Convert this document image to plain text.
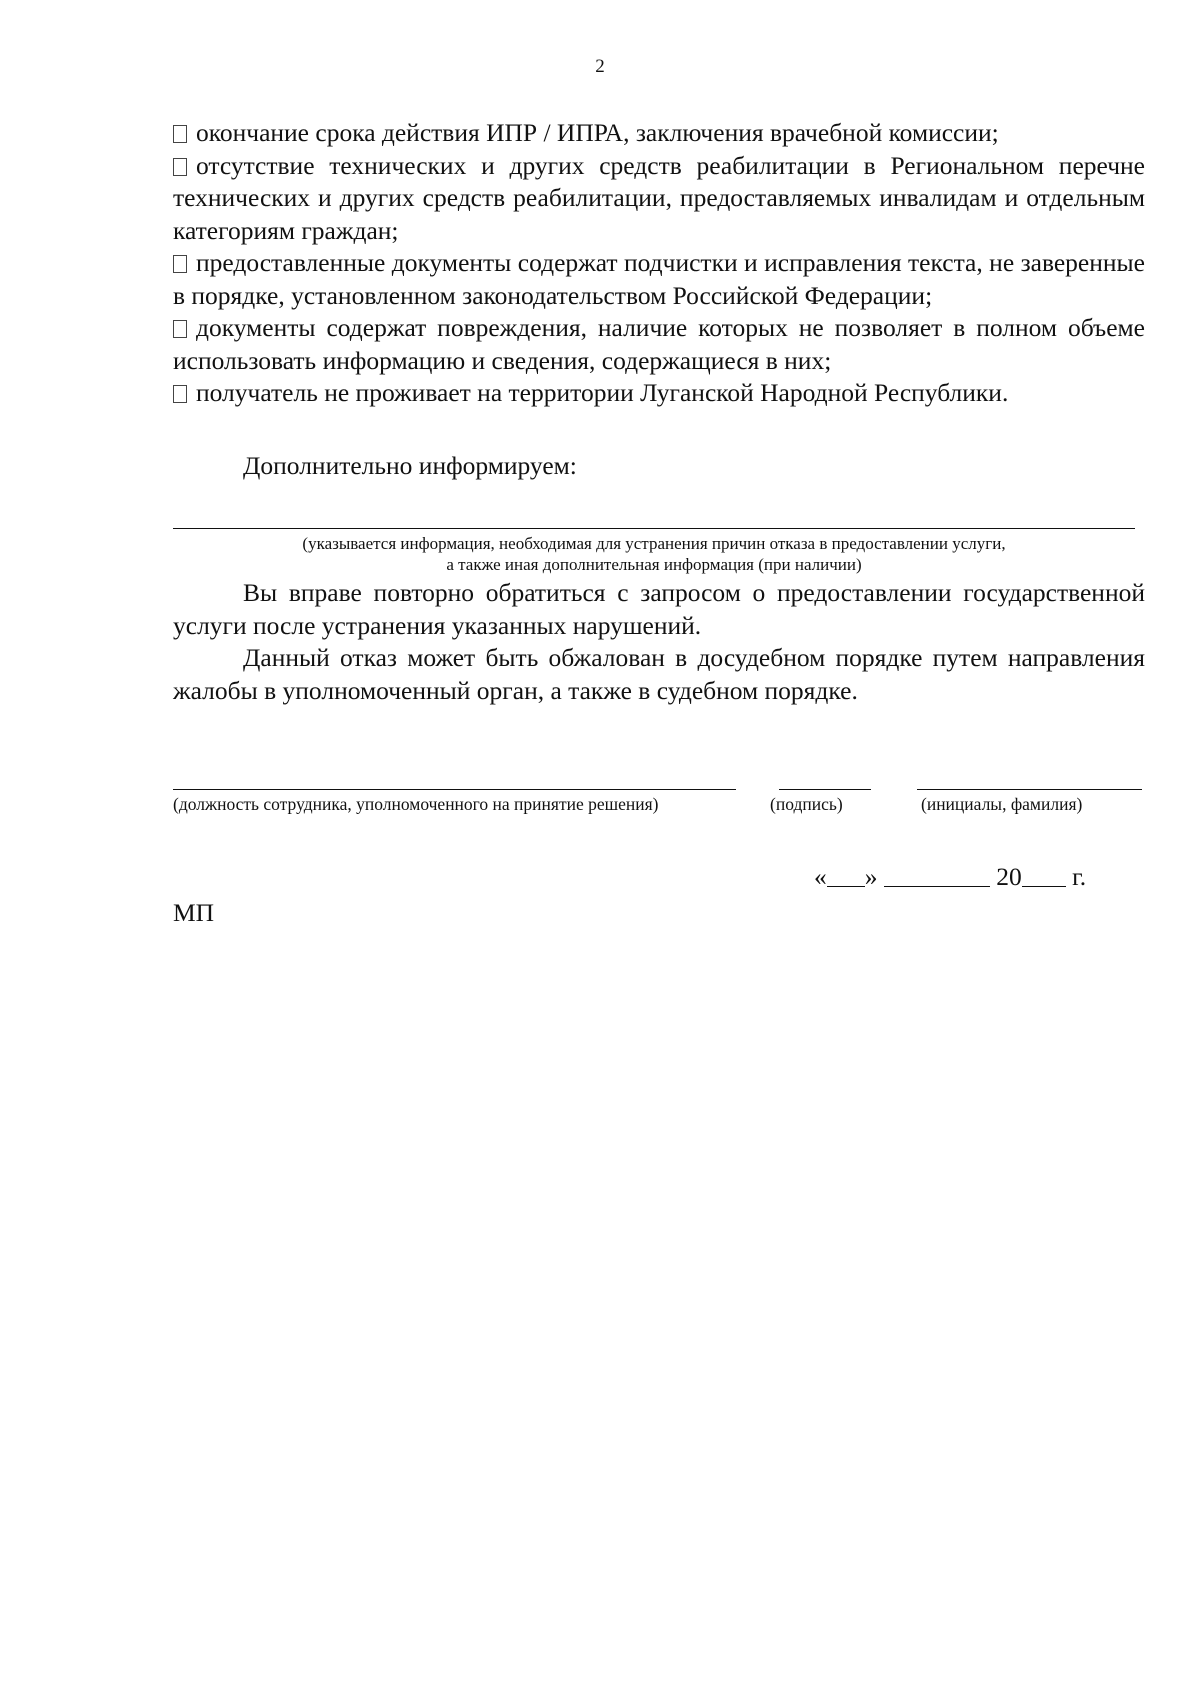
2

окончание срока действия ИПР / ИПРА, заключения врачебной комиссии;

отсутствие технических и других средств реабилитации в Региональном перечне технических и других средств реабилитации, предоставляемых инвалидам и отдельным категориям граждан;

предоставленные документы содержат подчистки и исправления текста, не заверенные в порядке, установленном законодательством Российской Федерации;

документы содержат повреждения, наличие которых не позволяет в полном объеме использовать информацию и сведения, содержащиеся в них;

получатель не проживает на территории Луганской Народной Республики.

Дополнительно информируем:
(указывается информация, необходимая для устранения причин отказа в предоставлении услуги,
а также иная дополнительная информация (при наличии)

Вы вправе повторно обратиться с запросом о предоставлении государственной услуги после устранения указанных нарушений.

Данный отказ может быть обжалован в досудебном порядке путем направления жалобы в уполномоченный орган, а также в судебном порядке.

(должность сотрудника, уполномоченного на принятие решения)	(подпись)	(инициалы, фамилия)
« »	20 г.
МП
